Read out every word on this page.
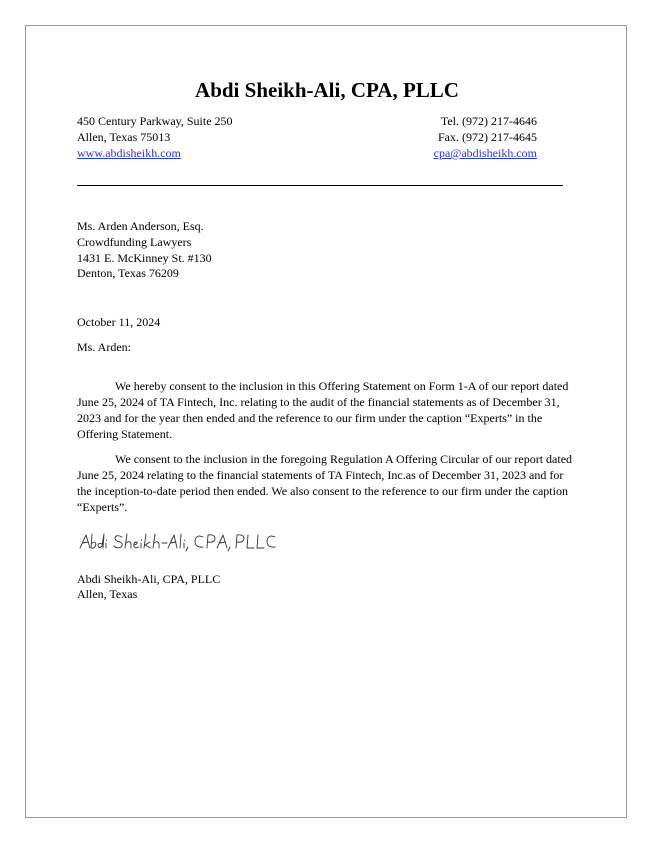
Abdi Sheikh-Ali, CPA, PLLC
450 Century Parkway, Suite 250
Allen, Texas 75013
www.abdisheikh.com
Tel. (972) 217-4646
Fax. (972) 217-4645
cpa@abdisheikh.com
Ms. Arden Anderson, Esq.
Crowdfunding Lawyers
1431 E. McKinney St. #130
Denton, Texas 76209
October 11, 2024
Ms. Arden:
We hereby consent to the inclusion in this Offering Statement on Form 1-A of our report dated June 25, 2024 of TA Fintech, Inc. relating to the audit of the financial statements as of December 31, 2023 and for the year then ended and the reference to our firm under the caption “Experts” in the Offering Statement.
We consent to the inclusion in the foregoing Regulation A Offering Circular of our report dated June 25, 2024 relating to the financial statements of TA Fintech, Inc.as of December 31, 2023 and for the inception-to-date period then ended. We also consent to the reference to our firm under the caption “Experts”.
Abdi Sheikh-Ali, CPA, PLLC
Allen, Texas
